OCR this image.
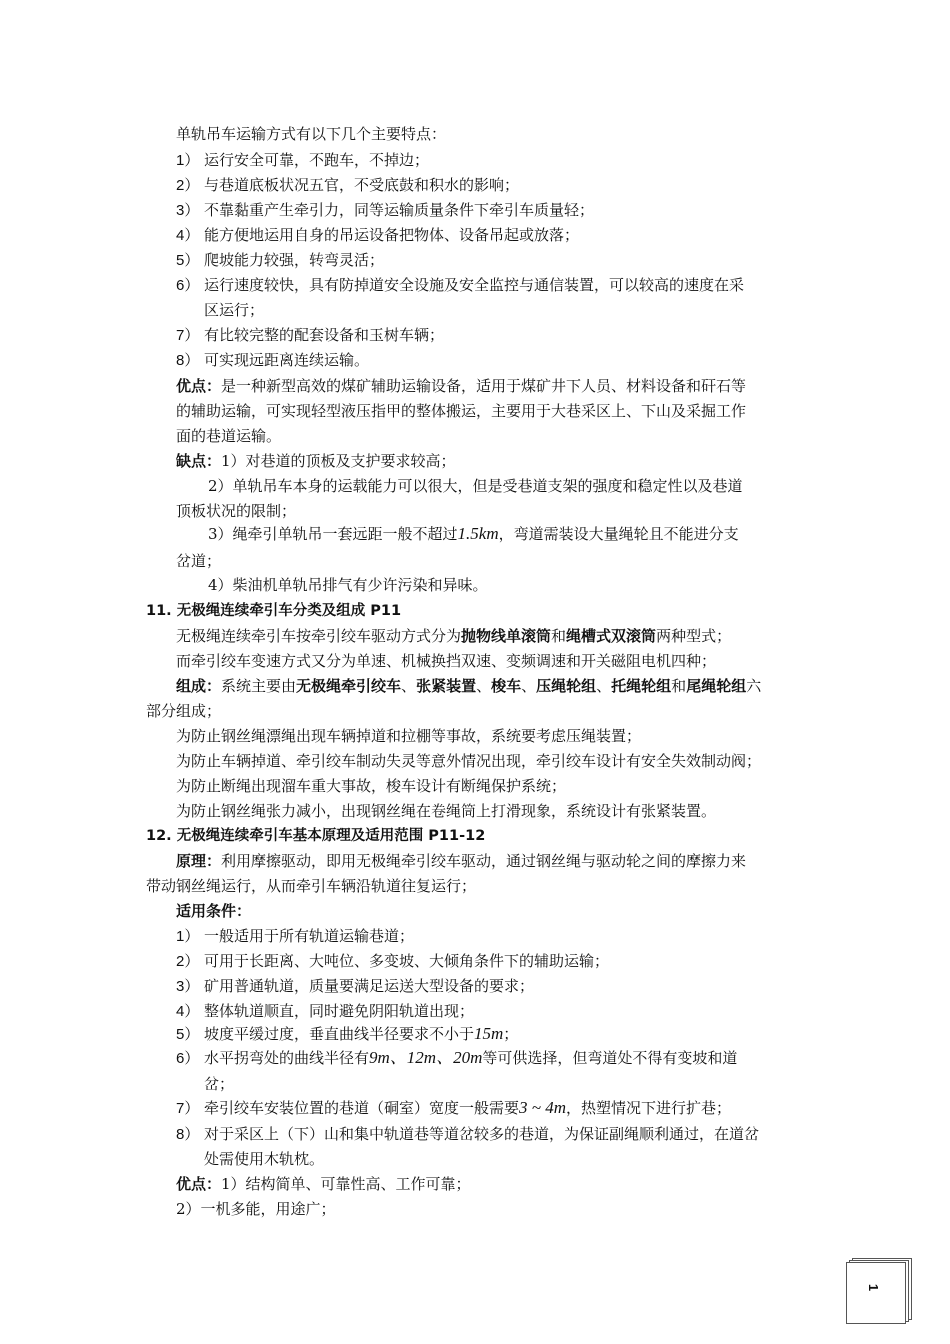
单轨吊车运输方式有以下几个主要特点：
1） 运行安全可靠，不跑车，不掉边；
2） 与巷道底板状况五官，不受底鼓和积水的影响；
3） 不靠黏重产生牵引力，同等运输质量条件下牵引车质量轻；
4） 能方便地运用自身的吊运设备把物体、设备吊起或放落；
5） 爬坡能力较强，转弯灵活；
6） 运行速度较快，具有防掉道安全设施及安全监控与通信装置，可以较高的速度在采
区运行；
7） 有比较完整的配套设备和玉树车辆；
8） 可实现远距离连续运输。
优点：是一种新型高效的煤矿辅助运输设备，适用于煤矿井下人员、材料设备和矸石等
的辅助运输，可实现轻型液压指甲的整体搬运，主要用于大巷采区上、下山及采掘工作
面的巷道运输。
缺点：1）对巷道的顶板及支护要求较高；
2）单轨吊车本身的运载能力可以很大，但是受巷道支架的强度和稳定性以及巷道
顶板状况的限制；
3）绳牵引单轨吊一套远距一般不超过1.5km，弯道需装设大量绳轮且不能进分支
岔道；
4）柴油机单轨吊排气有少许污染和异味。
11. 无极绳连续牵引车分类及组成 P11
无极绳连续牵引车按牵引绞车驱动方式分为抛物线单滚筒和绳槽式双滚筒两种型式；
而牵引绞车变速方式又分为单速、机械换挡双速、变频调速和开关磁阻电机四种；
组成：系统主要由无极绳牵引绞车、张紧装置、梭车、压绳轮组、托绳轮组和尾绳轮组六
部分组成；
为防止钢丝绳漂绳出现车辆掉道和拉棚等事故，系统要考虑压绳装置；
为防止车辆掉道、牵引绞车制动失灵等意外情况出现，牵引绞车设计有安全失效制动阀；
为防止断绳出现溜车重大事故，梭车设计有断绳保护系统；
为防止钢丝绳张力减小，出现钢丝绳在卷绳筒上打滑现象，系统设计有张紧装置。
12. 无极绳连续牵引车基本原理及适用范围 P11-12
原理：利用摩擦驱动，即用无极绳牵引绞车驱动，通过钢丝绳与驱动轮之间的摩擦力来
带动钢丝绳运行，从而牵引车辆沿轨道往复运行；
适用条件：
1） 一般适用于所有轨道运输巷道；
2） 可用于长距离、大吨位、多变坡、大倾角条件下的辅助运输；
3） 矿用普通轨道，质量要满足运送大型设备的要求；
4） 整体轨道顺直，同时避免阴阳轨道出现；
5） 坡度平缓过度，垂直曲线半径要求不小于15m；
6） 水平拐弯处的曲线半径有9m、12m、20m等可供选择，但弯道处不得有变坡和道
岔；
7） 牵引绞车安装位置的巷道（硐室）宽度一般需要3 ~ 4m，热塑情况下进行扩巷；
8） 对于采区上（下）山和集中轨道巷等道岔较多的巷道，为保证副绳顺利通过，在道岔
处需使用木轨枕。
优点：1）结构简单、可靠性高、工作可靠；
2）一机多能，用途广；
1
